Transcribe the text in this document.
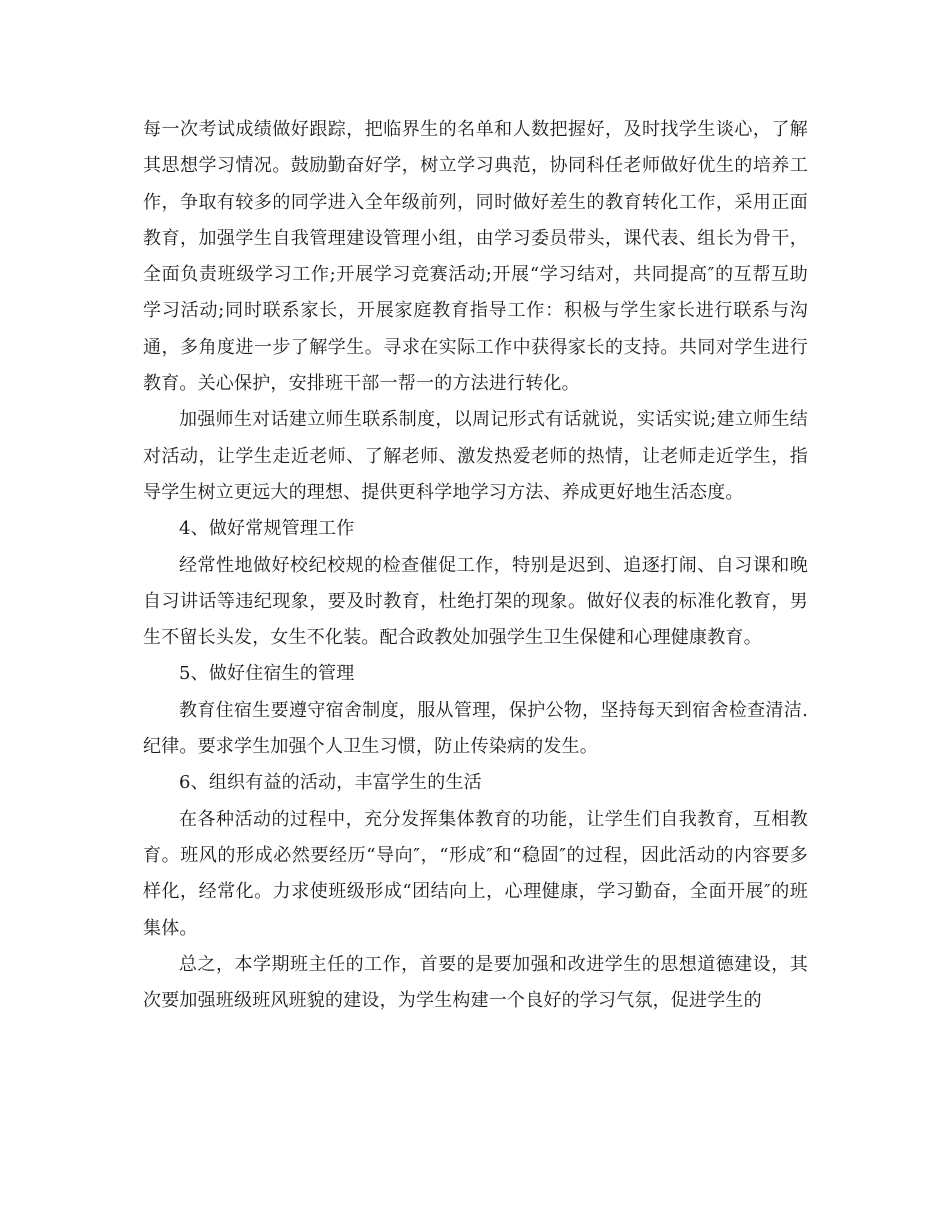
每一次考试成绩做好跟踪，把临界生的名单和人数把握好，及时找学生谈心，了解其思想学习情况。鼓励勤奋好学，树立学习典范，协同科任老师做好优生的培养工作，争取有较多的同学进入全年级前列，同时做好差生的教育转化工作，采用正面教育，加强学生自我管理建设管理小组，由学习委员带头，课代表、组长为骨干，全面负责班级学习工作;开展学习竞赛活动;开展“学习结对，共同提高″的互帮互助学习活动;同时联系家长，开展家庭教育指导工作：积极与学生家长进行联系与沟通，多角度进一步了解学生。寻求在实际工作中获得家长的支持。共同对学生进行教育。关心保护，安排班干部一帮一的方法进行转化。

加强师生对话建立师生联系制度，以周记形式有话就说，实话实说;建立师生结对活动，让学生走近老师、了解老师、激发热爱老师的热情，让老师走近学生，指导学生树立更远大的理想、提供更科学地学习方法、养成更好地生活态度。

4、做好常规管理工作

经常性地做好校纪校规的检查催促工作，特别是迟到、追逐打闹、自习课和晚自习讲话等违纪现象，要及时教育，杜绝打架的现象。做好仪表的标准化教育，男生不留长头发，女生不化装。配合政教处加强学生卫生保健和心理健康教育。

5、做好住宿生的管理

教育住宿生要遵守宿舍制度，服从管理，保护公物，坚持每天到宿舍检查清洁.纪律。要求学生加强个人卫生习惯，防止传染病的发生。

6、组织有益的活动，丰富学生的生活

在各种活动的过程中，充分发挥集体教育的功能，让学生们自我教育，互相教育。班风的形成必然要经历“导向″，“形成″和“稳固″的过程，因此活动的内容要多样化，经常化。力求使班级形成“团结向上，心理健康，学习勤奋，全面开展″的班集体。

总之，本学期班主任的工作，首要的是要加强和改进学生的思想道德建设，其次要加强班级班风班貌的建设，为学生构建一个良好的学习气氛，促进学生的
